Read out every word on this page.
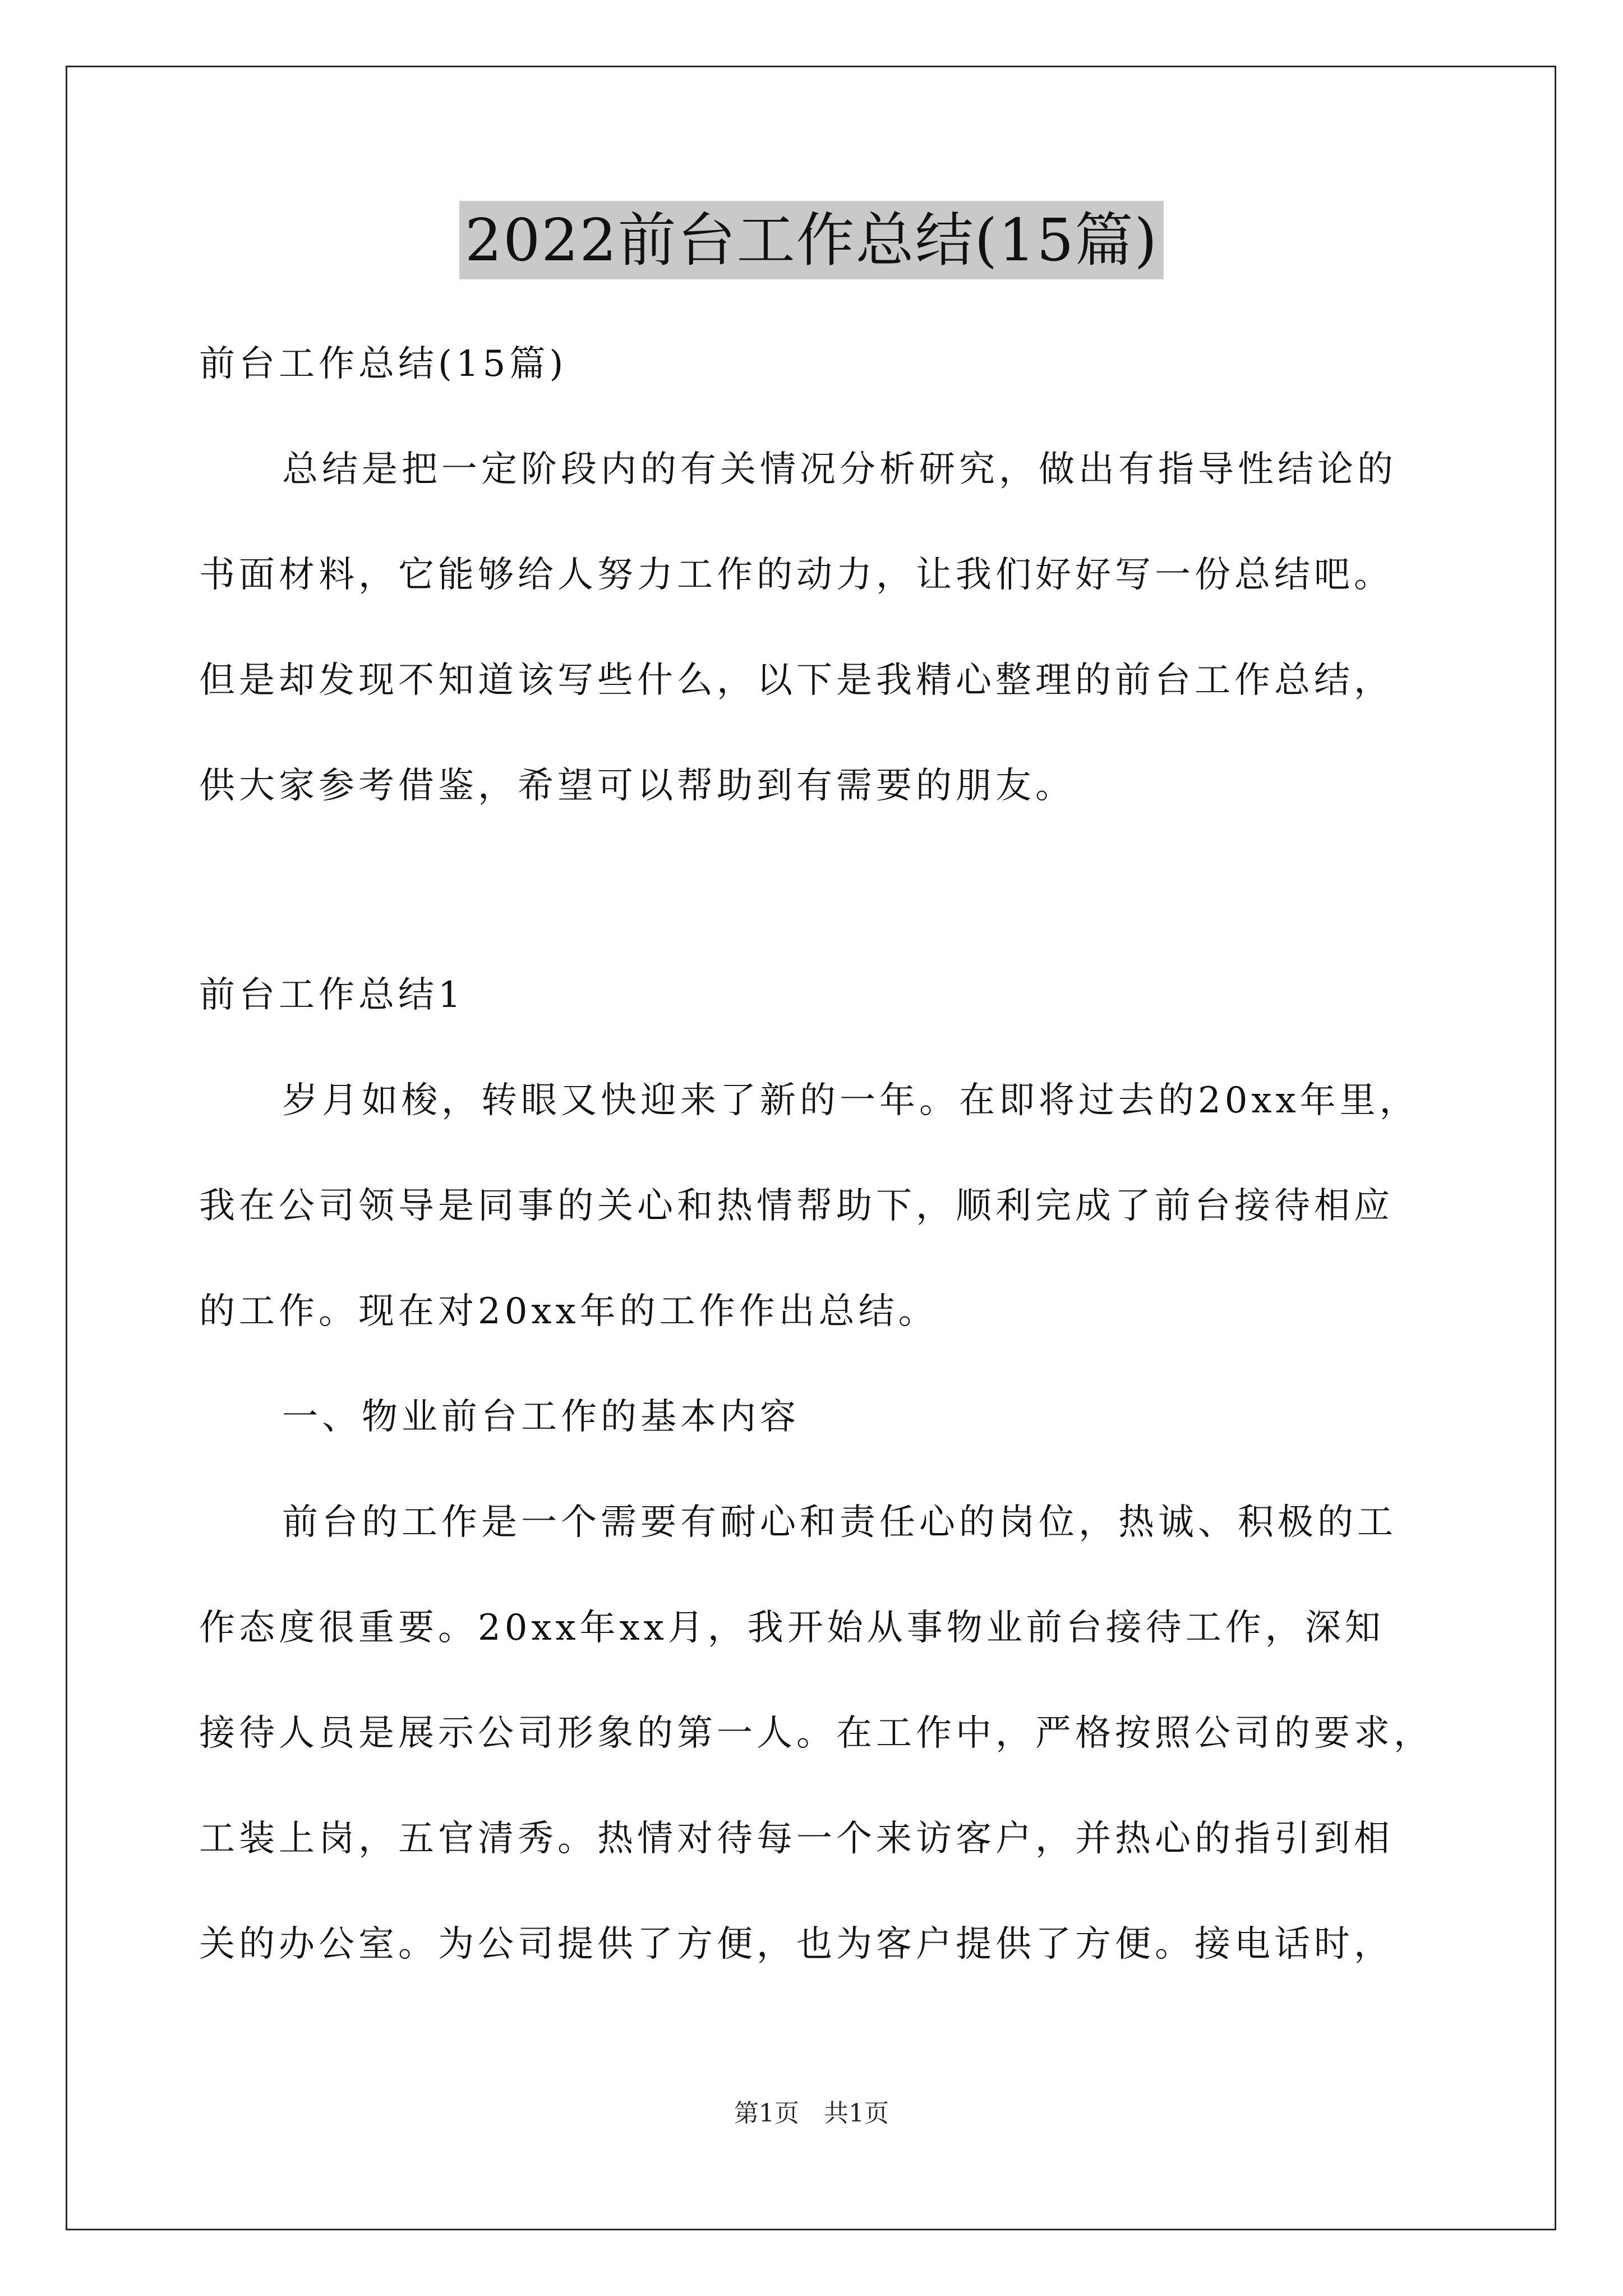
2022前台工作总结(15篇)
前台工作总结(15篇)
总结是把一定阶段内的有关情况分析研究，做出有指导性结论的
书面材料，它能够给人努力工作的动力，让我们好好写一份总结吧。
但是却发现不知道该写些什么，以下是我精心整理的前台工作总结，
供大家参考借鉴，希望可以帮助到有需要的朋友。
前台工作总结1
岁月如梭，转眼又快迎来了新的一年。在即将过去的20xx年里，
我在公司领导是同事的关心和热情帮助下，顺利完成了前台接待相应
的工作。现在对20xx年的工作作出总结。
一、物业前台工作的基本内容
前台的工作是一个需要有耐心和责任心的岗位，热诚、积极的工
作态度很重要。20xx年xx月，我开始从事物业前台接待工作，深知
接待人员是展示公司形象的第一人。在工作中，严格按照公司的要求，
工装上岗，五官清秀。热情对待每一个来访客户，并热心的指引到相
关的办公室。为公司提供了方便，也为客户提供了方便。接电话时，
第1页　共1页
